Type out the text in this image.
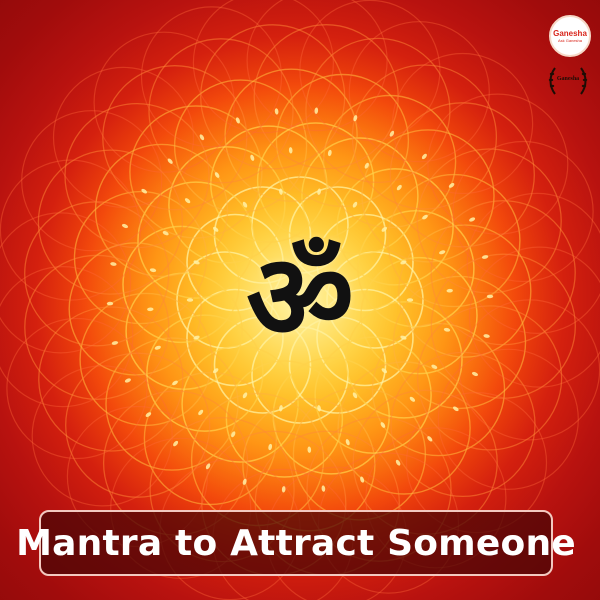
ॐ
Ganesha
Ask Ganesha
Ganesha
Mantra to Attract Someone
